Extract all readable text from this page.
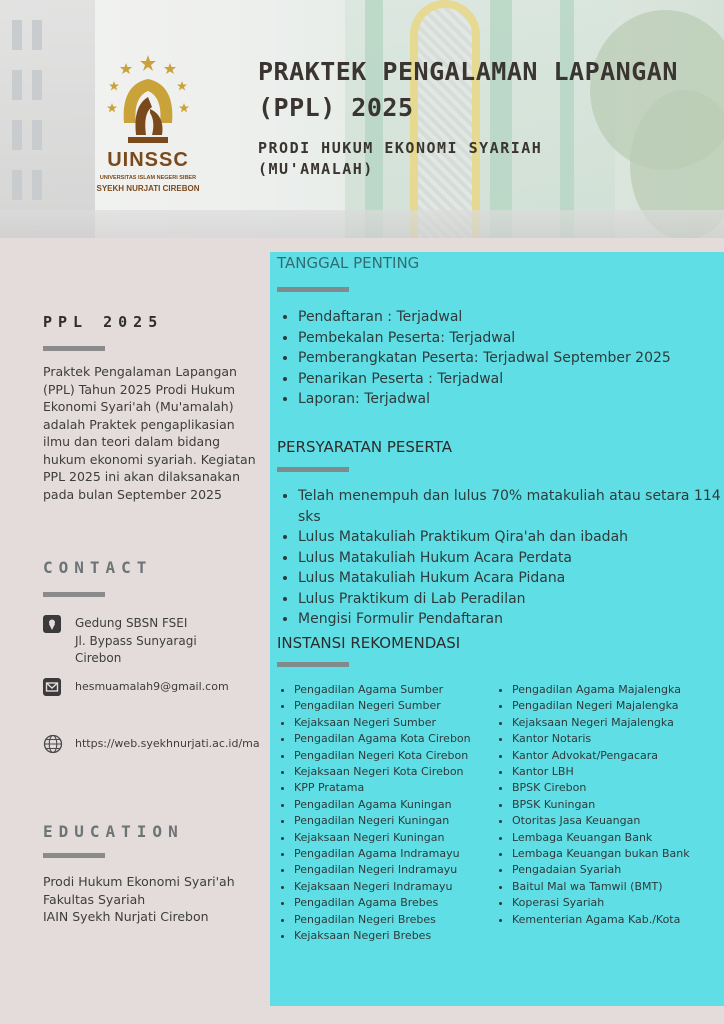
UINSSC
UNIVERSITAS ISLAM NEGERI SIBER
SYEKH NURJATI CIREBON
PRAKTEK PENGALAMAN LAPANGAN
(PPL) 2025
PRODI HUKUM EKONOMI SYARIAH
(MU'AMALAH)
PPL 2025
Praktek Pengalaman Lapangan (PPL) Tahun 2025 Prodi Hukum Ekonomi Syari'ah (Mu'amalah) adalah Praktek pengaplikasian ilmu dan teori dalam bidang hukum ekonomi syariah. Kegiatan PPL 2025 ini akan dilaksanakan pada bulan September 2025
CONTACT
Gedung SBSN FSEI
Jl. Bypass Sunyaragi
Cirebon
hesmuamalah9@gmail.com
https://web.syekhnurjati.ac.id/ma
EDUCATION
Prodi Hukum Ekonomi Syari'ah
Fakultas Syariah
IAIN Syekh Nurjati Cirebon
TANGGAL PENTING
• Pendaftaran : Terjadwal
• Pembekalan Peserta: Terjadwal
• Pemberangkatan Peserta: Terjadwal September 2025
• Penarikan Peserta : Terjadwal
• Laporan: Terjadwal
PERSYARATAN PESERTA
• Telah menempuh dan lulus 70% matakuliah atau setara 114 sks
• Lulus Matakuliah Praktikum Qira'ah dan ibadah
• Lulus Matakuliah Hukum Acara Perdata
• Lulus Matakuliah Hukum Acara Pidana
• Lulus Praktikum di Lab Peradilan
• Mengisi Formulir Pendaftaran
INSTANSI REKOMENDASI
• Pengadilan Agama Sumber
• Pengadilan Negeri Sumber
• Kejaksaan Negeri Sumber
• Pengadilan Agama Kota Cirebon
• Pengadilan Negeri Kota Cirebon
• Kejaksaan Negeri Kota Cirebon
• KPP Pratama
• Pengadilan Agama Kuningan
• Pengadilan Negeri Kuningan
• Kejaksaan Negeri Kuningan
• Pengadilan Agama Indramayu
• Pengadilan Negeri Indramayu
• Kejaksaan Negeri Indramayu
• Pengadilan Agama Brebes
• Pengadilan Negeri Brebes
• Kejaksaan Negeri Brebes
• Pengadilan Agama Majalengka
• Pengadilan Negeri Majalengka
• Kejaksaan Negeri Majalengka
• Kantor Notaris
• Kantor Advokat/Pengacara
• Kantor LBH
• BPSK Cirebon
• BPSK Kuningan
• Otoritas Jasa Keuangan
• Lembaga Keuangan Bank
• Lembaga Keuangan bukan Bank
• Pengadaian Syariah
• Baitul Mal wa Tamwil (BMT)
• Koperasi Syariah
• Kementerian Agama Kab./Kota
